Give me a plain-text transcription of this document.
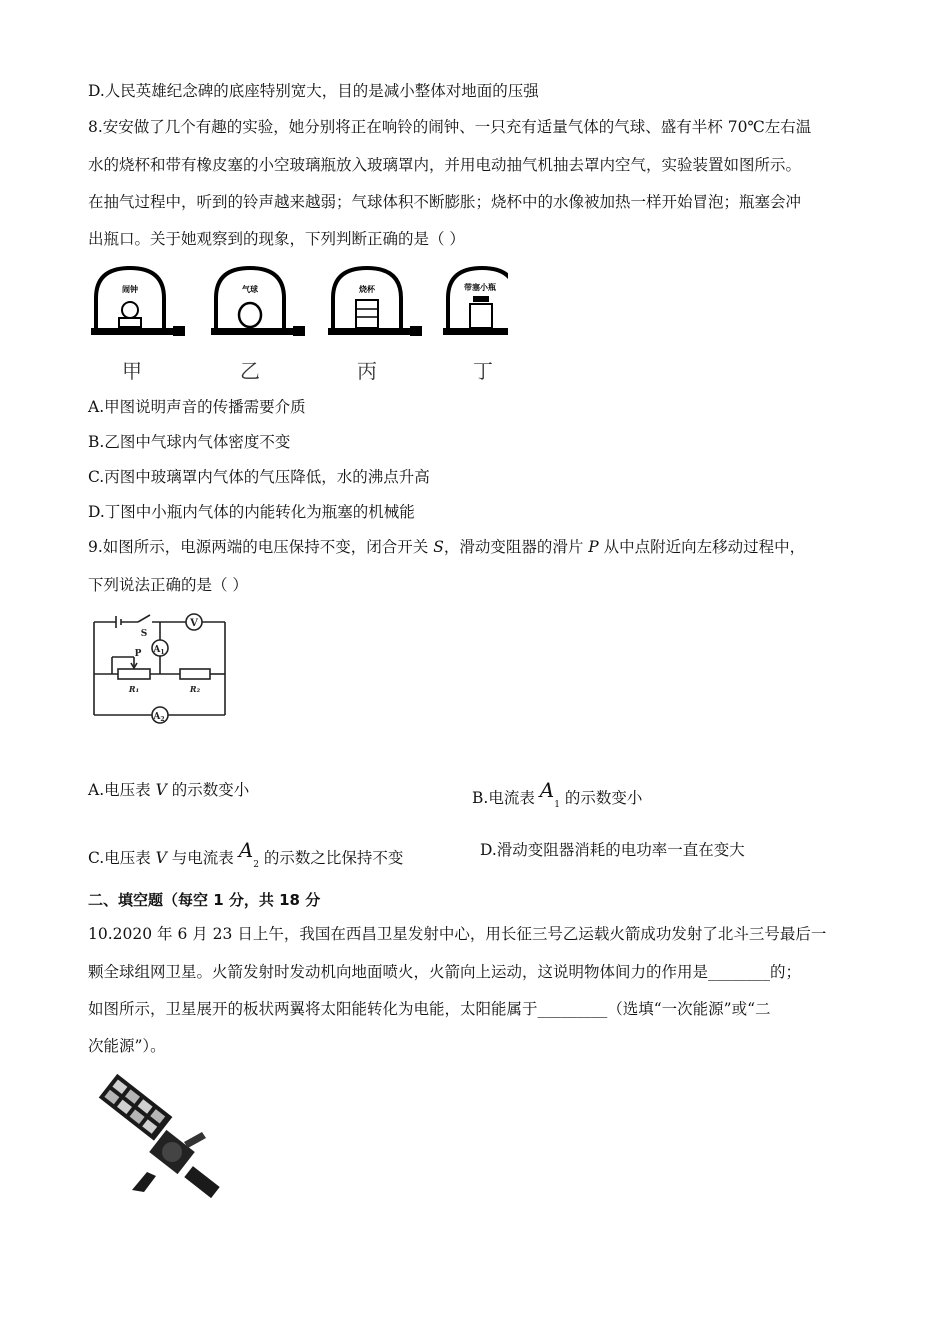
D.人民英雄纪念碑的底座特别宽大，目的是减小整体对地面的压强
8.安安做了几个有趣的实验，她分别将正在响铃的闹钟、一只充有适量气体的气球、盛有半杯 70℃左右温
水的烧杯和带有橡皮塞的小空玻璃瓶放入玻璃罩内，并用电动抽气机抽去罩内空气，实验装置如图所示。
在抽气过程中，听到的铃声越来越弱；气球体积不断膨胀；烧杯中的水像被加热一样开始冒泡；瓶塞会冲
出瓶口。关于她观察到的现象，下列判断正确的是（ ）
闹钟	气球	烧杯	带塞小瓶
甲	乙	丙	丁
A.甲图说明声音的传播需要介质
B.乙图中气球内气体密度不变
C.丙图中玻璃罩内气体的气压降低，水的沸点升高
D.丁图中小瓶内气体的内能转化为瓶塞的机械能
9.如图所示，电源两端的电压保持不变，闭合开关 S，滑动变阻器的滑片 P 从中点附近向左移动过程中，
下列说法正确的是（ ）
S
P
V
$A_1$
$A_2$
R₁	R₂
A.电压表 V 的示数变小	B.电流表 $A_1$ 的示数变小
C.电压表 V 与电流表 $A_2$ 的示数之比保持不变	D.滑动变阻器消耗的电功率一直在变大
二、填空题（每空 1 分，共 18 分
10.2020 年 6 月 23 日上午，我国在西昌卫星发射中心，用长征三号乙运载火箭成功发射了北斗三号最后一
颗全球组网卫星。火箭发射时发动机向地面喷火，火箭向上运动，这说明物体间力的作用是________的；
如图所示，卫星展开的板状两翼将太阳能转化为电能，太阳能属于_________（选填“一次能源”或“二
次能源”）。
